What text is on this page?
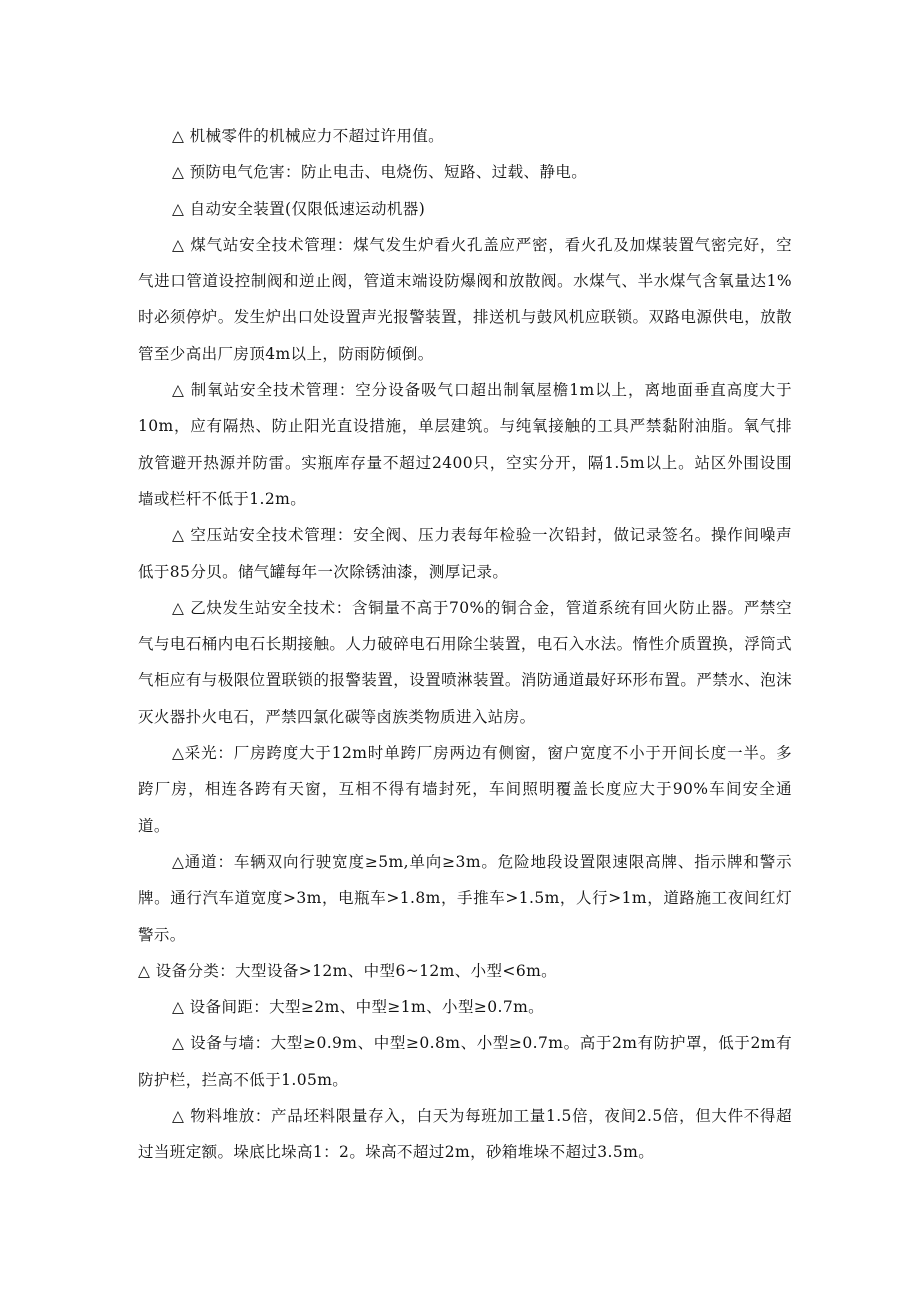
△ 机械零件的机械应力不超过许用值。

△ 预防电气危害：防止电击、电烧伤、短路、过载、静电。

△ 自动安全装置(仅限低速运动机器)

△ 煤气站安全技术管理：煤气发生炉看火孔盖应严密，看火孔及加煤装置气密完好，空气进口管道设控制阀和逆止阀，管道末端设防爆阀和放散阀。水煤气、半水煤气含氧量达1%时必须停炉。发生炉出口处设置声光报警装置，排送机与鼓风机应联锁。双路电源供电，放散管至少高出厂房顶4m以上，防雨防倾倒。

△ 制氧站安全技术管理：空分设备吸气口超出制氧屋檐1m以上，离地面垂直高度大于10m，应有隔热、防止阳光直设措施，单层建筑。与纯氧接触的工具严禁黏附油脂。氧气排放管避开热源并防雷。实瓶库存量不超过2400只，空实分开，隔1.5m以上。站区外围设围墙或栏杆不低于1.2m。

△ 空压站安全技术管理：安全阀、压力表每年检验一次铅封，做记录签名。操作间噪声低于85分贝。储气罐每年一次除锈油漆，测厚记录。

△ 乙炔发生站安全技术：含铜量不高于70%的铜合金，管道系统有回火防止器。严禁空气与电石桶内电石长期接触。人力破碎电石用除尘装置，电石入水法。惰性介质置换，浮筒式气柜应有与极限位置联锁的报警装置，设置喷淋装置。消防通道最好环形布置。严禁水、泡沫灭火器扑火电石，严禁四氯化碳等卤族类物质进入站房。

△采光：厂房跨度大于12m时单跨厂房两边有侧窗，窗户宽度不小于开间长度一半。多跨厂房，相连各跨有天窗，互相不得有墙封死，车间照明覆盖长度应大于90%车间安全通道。

△通道：车辆双向行驶宽度≥5m,单向≥3m。危险地段设置限速限高牌、指示牌和警示牌。通行汽车道宽度>3m，电瓶车>1.8m，手推车>1.5m，人行>1m，道路施工夜间红灯警示。

△ 设备分类：大型设备>12m、中型6~12m、小型<6m。

△ 设备间距：大型≥2m、中型≥1m、小型≥0.7m。

△ 设备与墙：大型≥0.9m、中型≥0.8m、小型≥0.7m。高于2m有防护罩，低于2m有防护栏，拦高不低于1.05m。

△ 物料堆放：产品坯料限量存入，白天为每班加工量1.5倍，夜间2.5倍，但大件不得超过当班定额。垛底比垛高1：2。垛高不超过2m，砂箱堆垛不超过3.5m。
